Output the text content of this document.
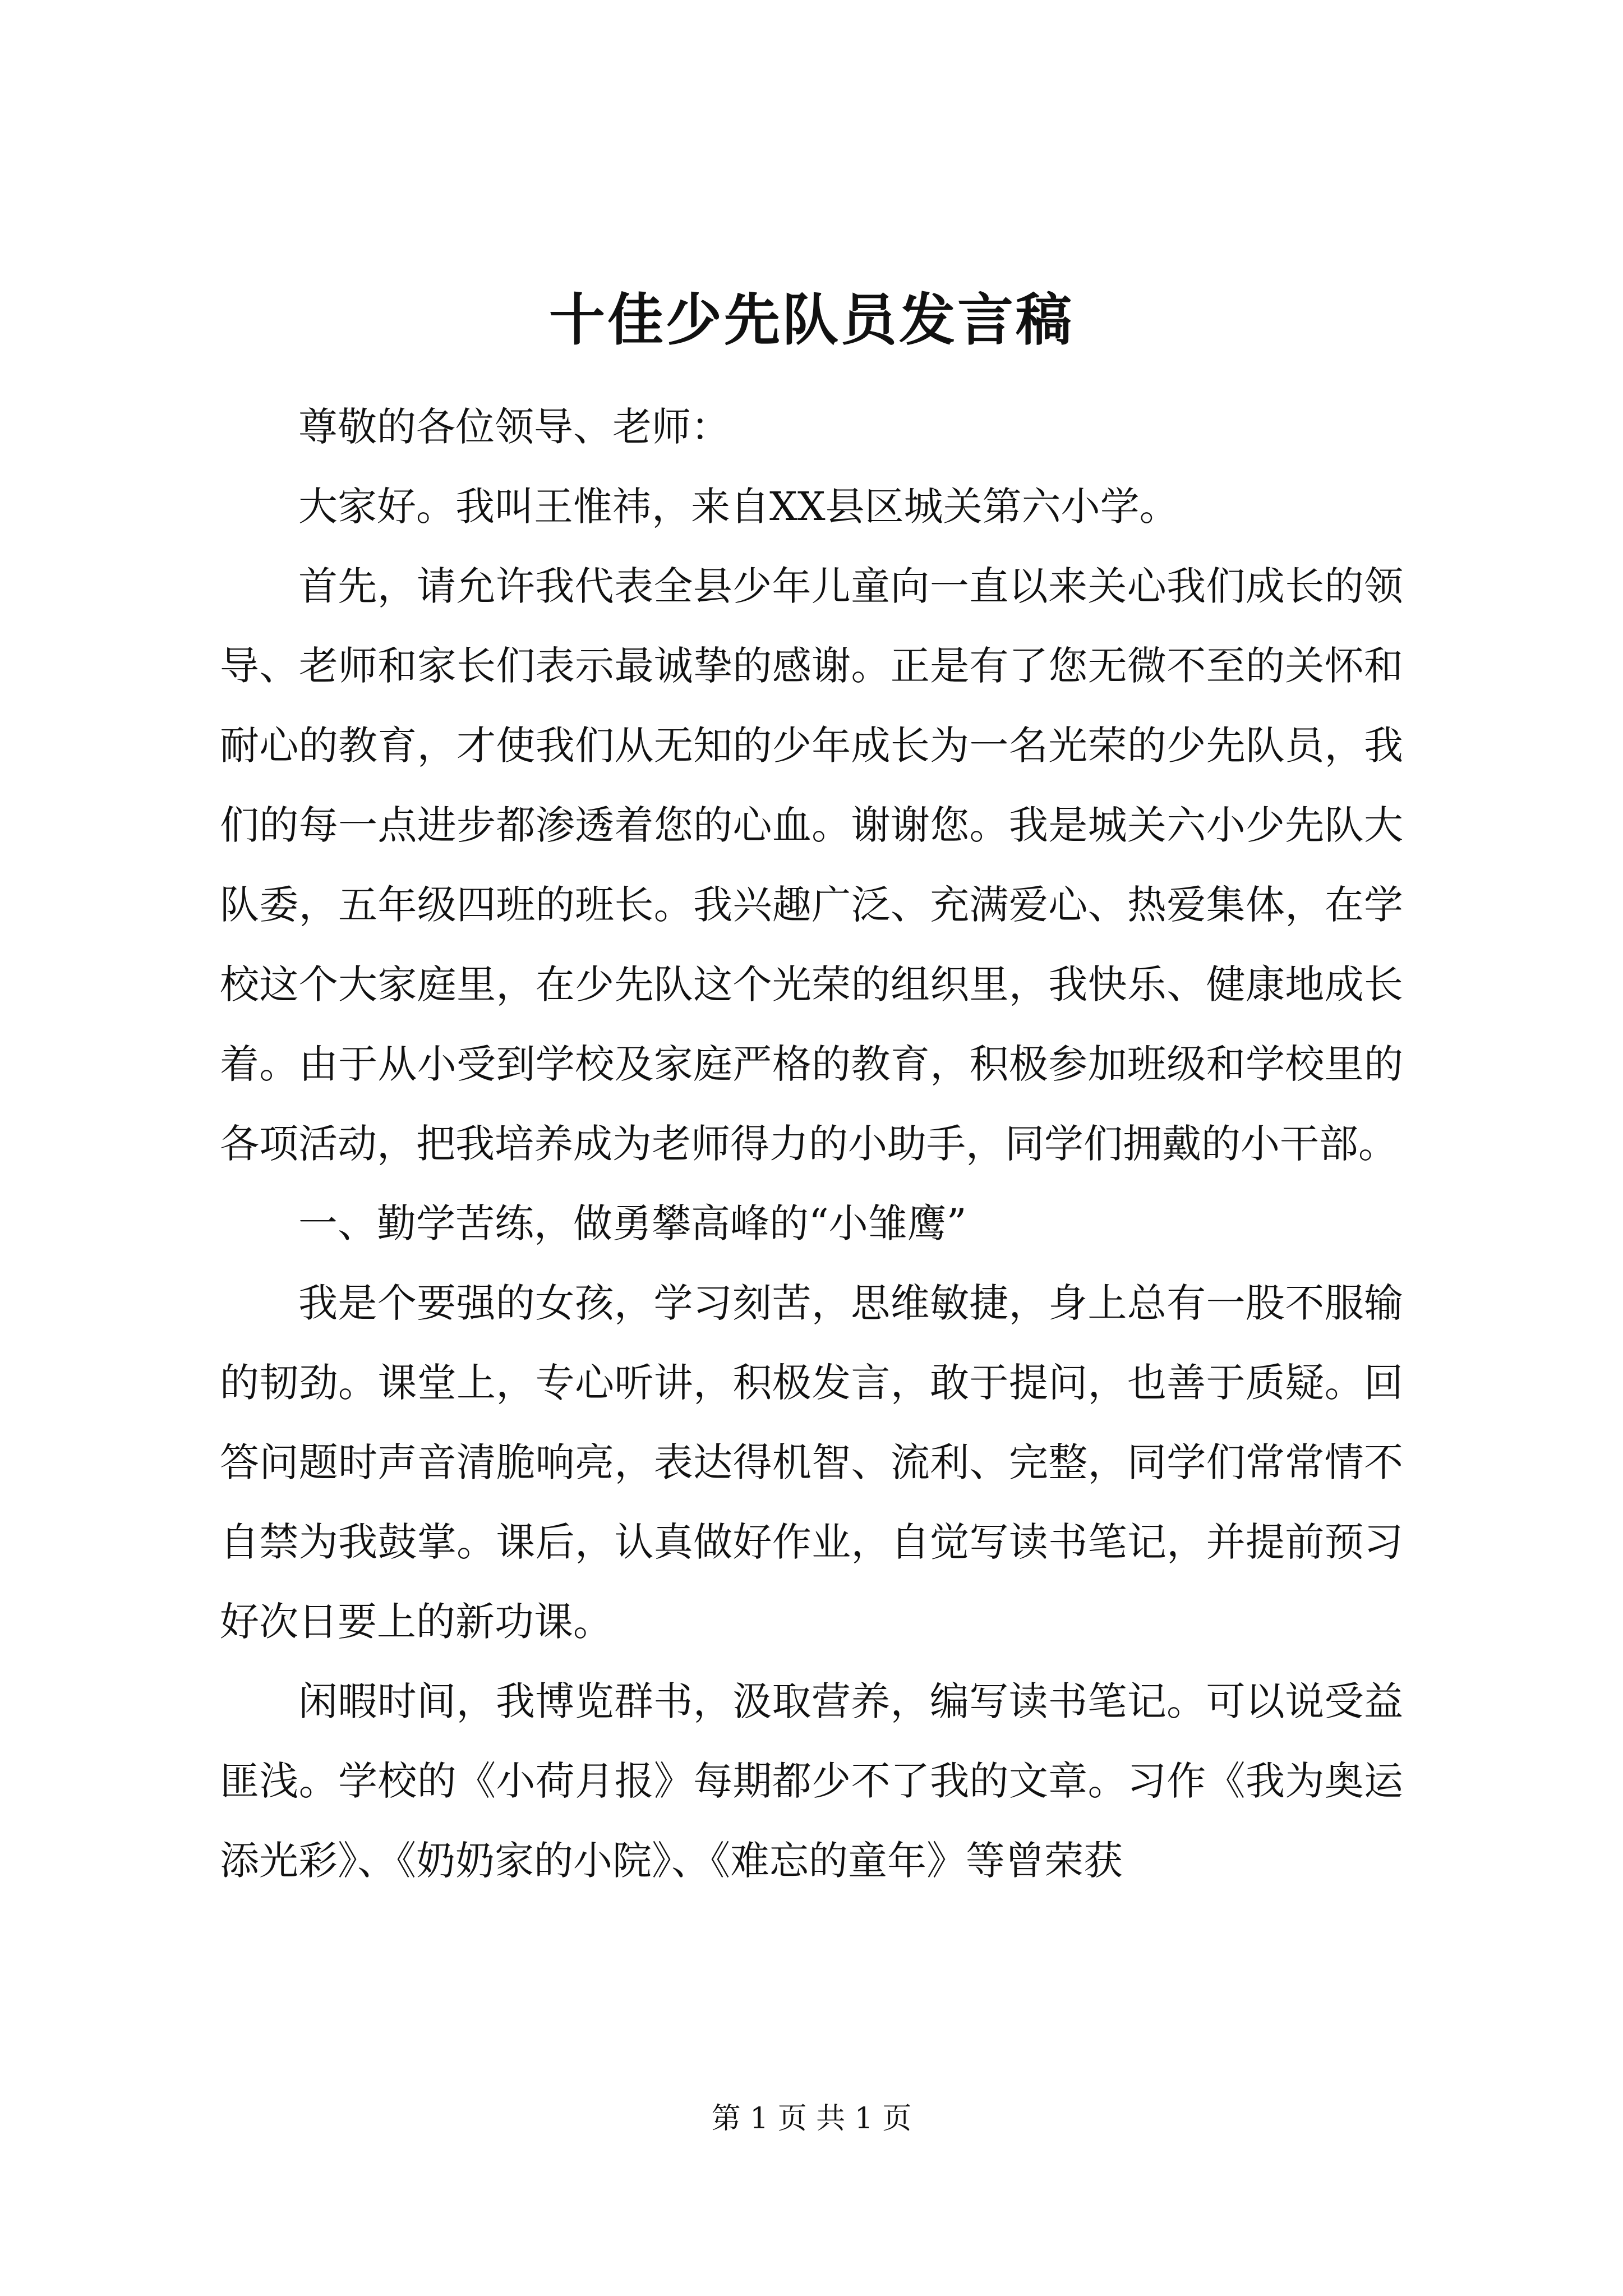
十佳少先队员发言稿

尊敬的各位领导、老师：

大家好。我叫王惟祎，来自XX县区城关第六小学。

首先，请允许我代表全县少年儿童向一直以来关心我们成长的领导、老师和家长们表示最诚挚的感谢。正是有了您无微不至的关怀和耐心的教育，才使我们从无知的少年成长为一名光荣的少先队员，我们的每一点进步都渗透着您的心血。谢谢您。我是城关六小少先队大队委，五年级四班的班长。我兴趣广泛、充满爱心、热爱集体，在学校这个大家庭里，在少先队这个光荣的组织里，我快乐、健康地成长着。由于从小受到学校及家庭严格的教育，积极参加班级和学校里的各项活动，把我培养成为老师得力的小助手，同学们拥戴的小干部。

一、勤学苦练，做勇攀高峰的“小雏鹰”

我是个要强的女孩，学习刻苦，思维敏捷，身上总有一股不服输的韧劲。课堂上，专心听讲，积极发言，敢于提问，也善于质疑。回答问题时声音清脆响亮，表达得机智、流利、完整，同学们常常情不自禁为我鼓掌。课后，认真做好作业，自觉写读书笔记，并提前预习好次日要上的新功课。

闲暇时间，我博览群书，汲取营养，编写读书笔记。可以说受益匪浅。学校的《小荷月报》每期都少不了我的文章。习作《我为奥运添光彩》、《奶奶家的小院》、《难忘的童年》等曾荣获

第 1 页 共 1 页
